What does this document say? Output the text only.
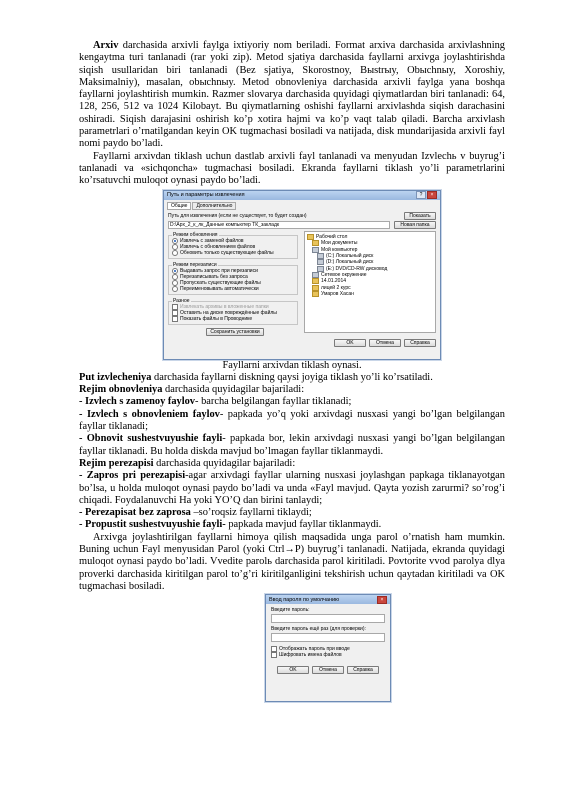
Arxiv darchasida arxivli faylga ixtiyoriy nom beriladi. Format arxiva darchasida arxivlashning kengaytma turi tanlanadi (rar yoki zip). Metod sjatiya darchasida fayllarni arxivga joylashtirishda siqish usullaridan biri tanlanadi (Bez sjatiya, Skorostnoy, Bыstrыy, Obыchnыy, Xoroshiy, Maksimalniy), masalan, obыchnыy. Metod obnovleniya darchasida arxivli faylga yana boshqa fayllarni joylashtirish mumkin. Razmer slovarya darchasida quyidagi qiymatlardan biri tanlanadi: 64, 128, 256, 512 va 1024 Kilobayt. Bu qiymatlarning oshishi fayllarni arxivlashda siqish darachasini oshiradi. Siqish darajasini oshirish ko’p xotira hajmi va ko’p vaqt talab qiladi. Barcha arxivlash parametrlari o’rnatilgandan keyin OK tugmachasi bosiladi va natijada, disk mundarijasida arxivli fayl nomi paydo bo’ladi.

Fayllarni arxivdan tiklash uchun dastlab arxivli fayl tanlanadi va menyudan Izvlechь v buyrug’i tanlanadi va «sichqoncha» tugmachasi bosiladi. Ekranda fayllarni tiklash yo’li parametrlarini ko’rsatuvchi muloqot oynasi paydo bo’ladi.

Путь и параметры извлечения	?	×
Общие	Дополнительно
Путь для извлечения (если не существует, то будет создан)	Показать
D:\Арх_2_к_лк_Данные компьютер ТК_закладк	Новая папка
Режим обновления
Извлечь с заменой файлов
Извлечь с обновлением файлов
Обновить только существующие файлы
Режим перезаписи
Выдавать запрос при перезаписи
Перезаписывать без запроса
Пропускать существующие файлы
Переименовывать автоматически
Разное
Извлекать архивы в вложенные папки
Оставить на диске повреждённые файлы
Показать файлы в Проводнике
Сохранить установки
Рабочий стол
Мои документы
Мой компьютер
(C:) Локальный диск
(D:) Локальный диск
(E:) DVD/CD-RW дисковод
Сетевое окружение
14.01.2014
лицей 2 курс
Умаров Хасан
OK	Отмена	Справка

Fayllarni arxivdan tiklash oynasi.

Put izvlecheniya darchasida fayllarni diskning qaysi joyiga tiklash yo’li ko’rsatiladi.

Rejim obnovleniya darchasida quyidagilar bajariladi:

- Izvlech s zamenoy faylov- barcha belgilangan fayllar tiklanadi;

- Izvlech s obnovleniem faylov- papkada yo’q yoki arxivdagi nusxasi yangi bo’lgan belgilangan fayllar tiklanadi;

- Obnovit sushestvuyushie fayli- papkada bor, lekin arxivdagi nusxasi yangi bo’lgan belgilangan fayllar tiklanadi. Bu holda diskda mavjud bo’lmagan fayllar tiklanmaydi.

Rejim perezapisi darchasida quyidagilar bajariladi:

- Zapros pri perezapisi-agar arxivdagi fayllar ularning nusxasi joylashgan papkaga tiklanayotgan bo’lsa, u holda muloqot oynasi paydo bo’ladi va unda «Fayl mavjud. Qayta yozish zarurmi? so’rog’i chiqadi. Foydalanuvchi Ha yoki YO’Q dan birini tanlaydi;

- Perezapisat bez zaprosa –so’roqsiz fayllarni tiklaydi;

- Propustit sushestvuyushie fayli- papkada mavjud fayllar tiklanmaydi.

Arxivga joylashtirilgan fayllarni himoya qilish maqsadida unga parol o’rnatish ham mumkin. Buning uchun Fayl menyusidan Parol (yoki Ctrl→P) buyrug’i tanlanadi. Natijada, ekranda quyidagi muloqot oynasi paydo bo’ladi. Vvedite parolь darchasida parol kiritiladi. Povtorite vvod parolya dlya proverki darchasida kiritilgan parol to’g’ri kiritilganligini tekshirish uchun qaytadan kiritiladi va OK tugmachasi bosiladi.

Ввод пароля по умолчанию	×
Введите пароль:
Введите пароль ещё раз (для проверки):
Отображать пароль при вводе
Шифровать имена файлов
OK	Отмена	Справка
